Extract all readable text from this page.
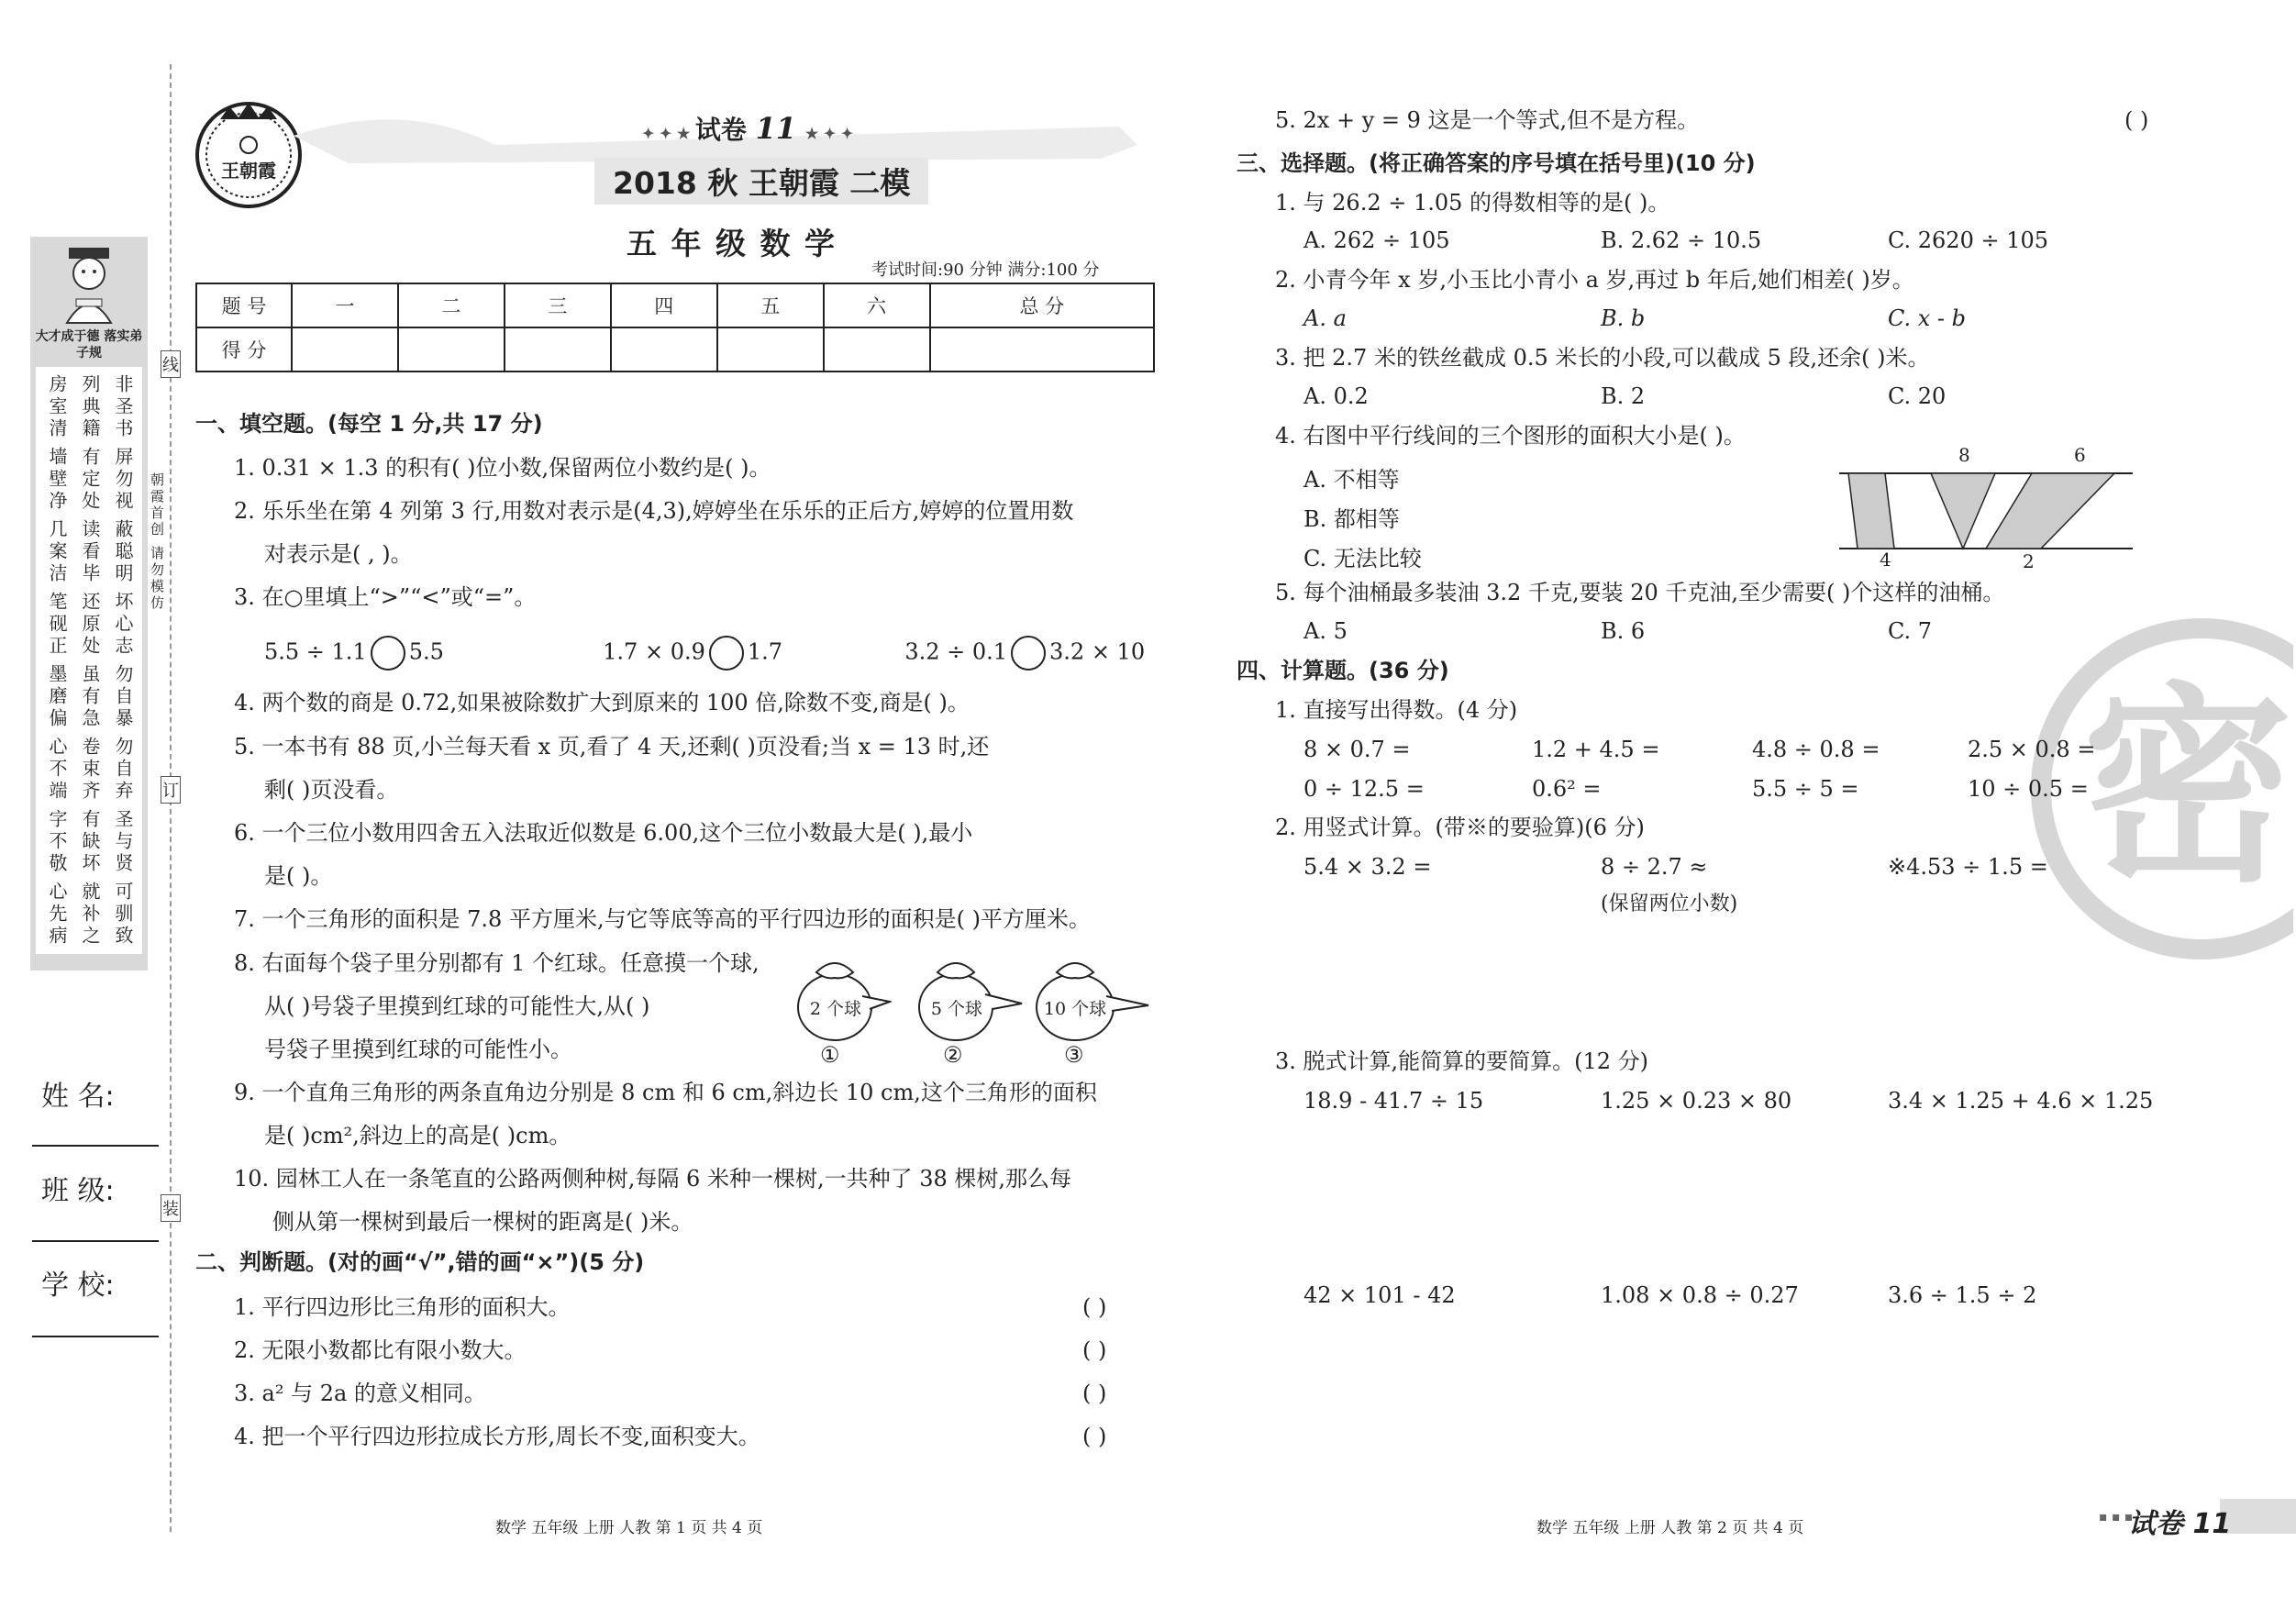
线
订
装
朝霞首创 请勿模仿
大才成于德 落实弟子规
非圣书
列典籍
房室清
屏勿视
有定处
墙壁净
蔽聪明
读看毕
几案洁
坏心志
还原处
笔砚正
勿自暴
虽有急
墨磨偏
勿自弃
卷束齐
心不端
圣与贤
有缺坏
字不敬
可驯致
就补之
心先病
姓 名:
班 级:
学 校:
王朝霞
✦ ✦ ★ 试卷 11 ★ ✦ ✦
2018 秋 王朝霞 二模
五 年 级 数 学
考试时间:90 分钟 满分:100 分
题 号	一	二	三	四	五	六	总 分
得 分							
一、填空题。(每空 1 分,共 17 分)
1. 0.31 × 1.3 的积有( )位小数,保留两位小数约是( )。
2. 乐乐坐在第 4 列第 3 行,用数对表示是(4,3),婷婷坐在乐乐的正后方,婷婷的位置用数
对表示是( , )。
3. 在○里填上“>”“<”或“=”。
5.5 ÷ 1.1 5.5	1.7 × 0.9 1.7	3.2 ÷ 0.1 3.2 × 10
4. 两个数的商是 0.72,如果被除数扩大到原来的 100 倍,除数不变,商是( )。
5. 一本书有 88 页,小兰每天看 x 页,看了 4 天,还剩( )页没看;当 x = 13 时,还
剩( )页没看。
6. 一个三位小数用四舍五入法取近似数是 6.00,这个三位小数最大是( ),最小
是( )。
7. 一个三角形的面积是 7.8 平方厘米,与它等底等高的平行四边形的面积是( )平方厘米。
8. 右面每个袋子里分别都有 1 个红球。任意摸一个球,
从( )号袋子里摸到红球的可能性大,从( )
号袋子里摸到红球的可能性小。
2 个球
①
5 个球
②
10 个球
③
9. 一个直角三角形的两条直角边分别是 8 cm 和 6 cm,斜边长 10 cm,这个三角形的面积
是( )cm²,斜边上的高是( )cm。
10. 园林工人在一条笔直的公路两侧种树,每隔 6 米种一棵树,一共种了 38 棵树,那么每
侧从第一棵树到最后一棵树的距离是( )米。
二、判断题。(对的画“√”,错的画“×”)(5 分)
1. 平行四边形比三角形的面积大。
2. 无限小数都比有限小数大。
3. a² 与 2a 的意义相同。
4. 把一个平行四边形拉成长方形,周长不变,面积变大。
( )
( )
( )
( )
数学 五年级 上册 人教 第 1 页 共 4 页
5. 2x + y = 9 这是一个等式,但不是方程。	( )
三、选择题。(将正确答案的序号填在括号里)(10 分)
1. 与 26.2 ÷ 1.05 的得数相等的是( )。
A. 262 ÷ 105	B. 2.62 ÷ 10.5	C. 2620 ÷ 105
2. 小青今年 x 岁,小玉比小青小 a 岁,再过 b 年后,她们相差( )岁。
A. a	B. b	C. x - b
3. 把 2.7 米的铁丝截成 0.5 米长的小段,可以截成 5 段,还余( )米。
A. 0.2	B. 2	C. 20
4. 右图中平行线间的三个图形的面积大小是( )。
A. 不相等
B. 都相等
C. 无法比较
8	6
4	2
5. 每个油桶最多装油 3.2 千克,要装 20 千克油,至少需要( )个这样的油桶。
A. 5	B. 6	C. 7
密
四、计算题。(36 分)
1. 直接写出得数。(4 分)
8 × 0.7 =	1.2 + 4.5 =	4.8 ÷ 0.8 =	2.5 × 0.8 =
0 ÷ 12.5 =	0.6² =	5.5 ÷ 5 =	10 ÷ 0.5 =
2. 用竖式计算。(带※的要验算)(6 分)
5.4 × 3.2 =	8 ÷ 2.7 ≈	※4.53 ÷ 1.5 =
(保留两位小数)
3. 脱式计算,能简算的要简算。(12 分)
18.9 - 41.7 ÷ 15	1.25 × 0.23 × 80	3.4 × 1.25 + 4.6 × 1.25
42 × 101 - 42	1.08 × 0.8 ÷ 0.27	3.6 ÷ 1.5 ÷ 2
数学 五年级 上册 人教 第 2 页 共 4 页
▪ ▪ ▪
试卷 11
